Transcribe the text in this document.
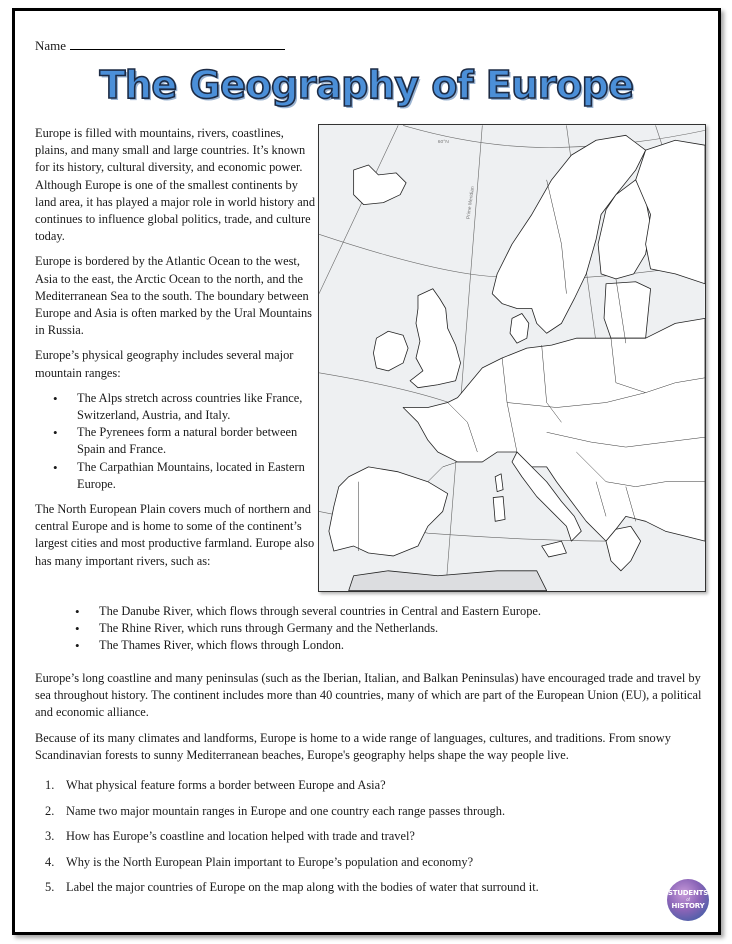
Name
The Geography of Europe

Europe is filled with mountains, rivers, coastlines, plains, and many small and large countries. It’s known for its history, cultural diversity, and economic power. Although Europe is one of the smallest continents by land area, it has played a major role in world history and continues to influence global politics, trade, and culture today.

Europe is bordered by the Atlantic Ocean to the west, Asia to the east, the Arctic Ocean to the north, and the Mediterranean Sea to the south. The boundary between Europe and Asia is often marked by the Ural Mountains in Russia.

Europe’s physical geography includes several major mountain ranges:

• The Alps stretch across countries like France, Switzerland, Austria, and Italy.
• The Pyrenees form a natural border between Spain and France.
• The Carpathian Mountains, located in Eastern Europe.

The North European Plain covers much of northern and central Europe and is home to some of the continent’s largest cities and most productive farmland. Europe also has many important rivers, such as:

60°N
Prime Meridian
• The Danube River, which flows through several countries in Central and Eastern Europe.
• The Rhine River, which runs through Germany and the Netherlands.
• The Thames River, which flows through London.

Europe’s long coastline and many peninsulas (such as the Iberian, Italian, and Balkan Peninsulas) have encouraged trade and travel by sea throughout history. The continent includes more than 40 countries, many of which are part of the European Union (EU), a political and economic alliance.

Because of its many climates and landforms, Europe is home to a wide range of languages, cultures, and traditions. From snowy Scandinavian forests to sunny Mediterranean beaches, Europe's geography helps shape the way people live.

1. What physical feature forms a border between Europe and Asia?
2. Name two major mountain ranges in Europe and one country each range passes through.
3. How has Europe’s coastline and location helped with trade and travel?
4. Why is the North European Plain important to Europe’s population and economy?
5. Label the major countries of Europe on the map along with the bodies of water that surround it.	STUDENTS
of
HISTORY
